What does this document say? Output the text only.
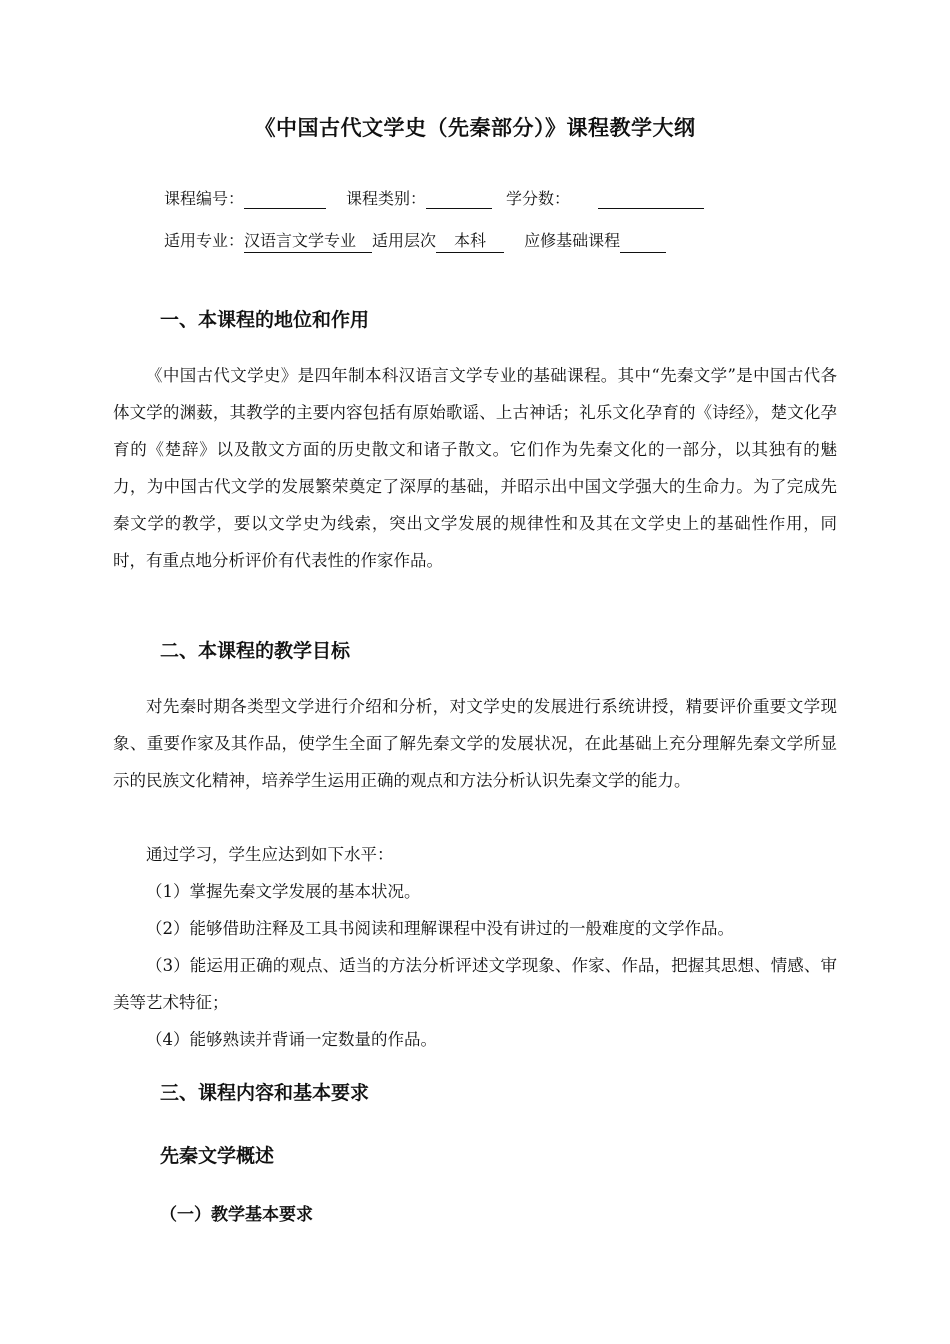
《中国古代文学史（先秦部分）》课程教学大纲
课程编号：	课程类别：	学分数：
适用专业：汉语言文学专业 适用层次 本科 应修基础课程
一、本课程的地位和作用

《中国古代文学史》是四年制本科汉语言文学专业的基础课程。其中“先秦文学”是中国古代各体文学的渊薮，其教学的主要内容包括有原始歌谣、上古神话；礼乐文化孕育的《诗经》，楚文化孕育的《楚辞》以及散文方面的历史散文和诸子散文。它们作为先秦文化的一部分，以其独有的魅力，为中国古代文学的发展繁荣奠定了深厚的基础，并昭示出中国文学强大的生命力。为了完成先秦文学的教学，要以文学史为线索，突出文学发展的规律性和及其在文学史上的基础性作用，同时，有重点地分析评价有代表性的作家作品。

二、本课程的教学目标

对先秦时期各类型文学进行介绍和分析，对文学史的发展进行系统讲授，精要评价重要文学现象、重要作家及其作品，使学生全面了解先秦文学的发展状况，在此基础上充分理解先秦文学所显示的民族文化精神，培养学生运用正确的观点和方法分析认识先秦文学的能力。

通过学习，学生应达到如下水平：

（1）掌握先秦文学发展的基本状况。

（2）能够借助注释及工具书阅读和理解课程中没有讲过的一般难度的文学作品。

（3）能运用正确的观点、适当的方法分析评述文学现象、作家、作品，把握其思想、情感、审美等艺术特征；

（4）能够熟读并背诵一定数量的作品。

三、课程内容和基本要求
先秦文学概述
（一）教学基本要求
